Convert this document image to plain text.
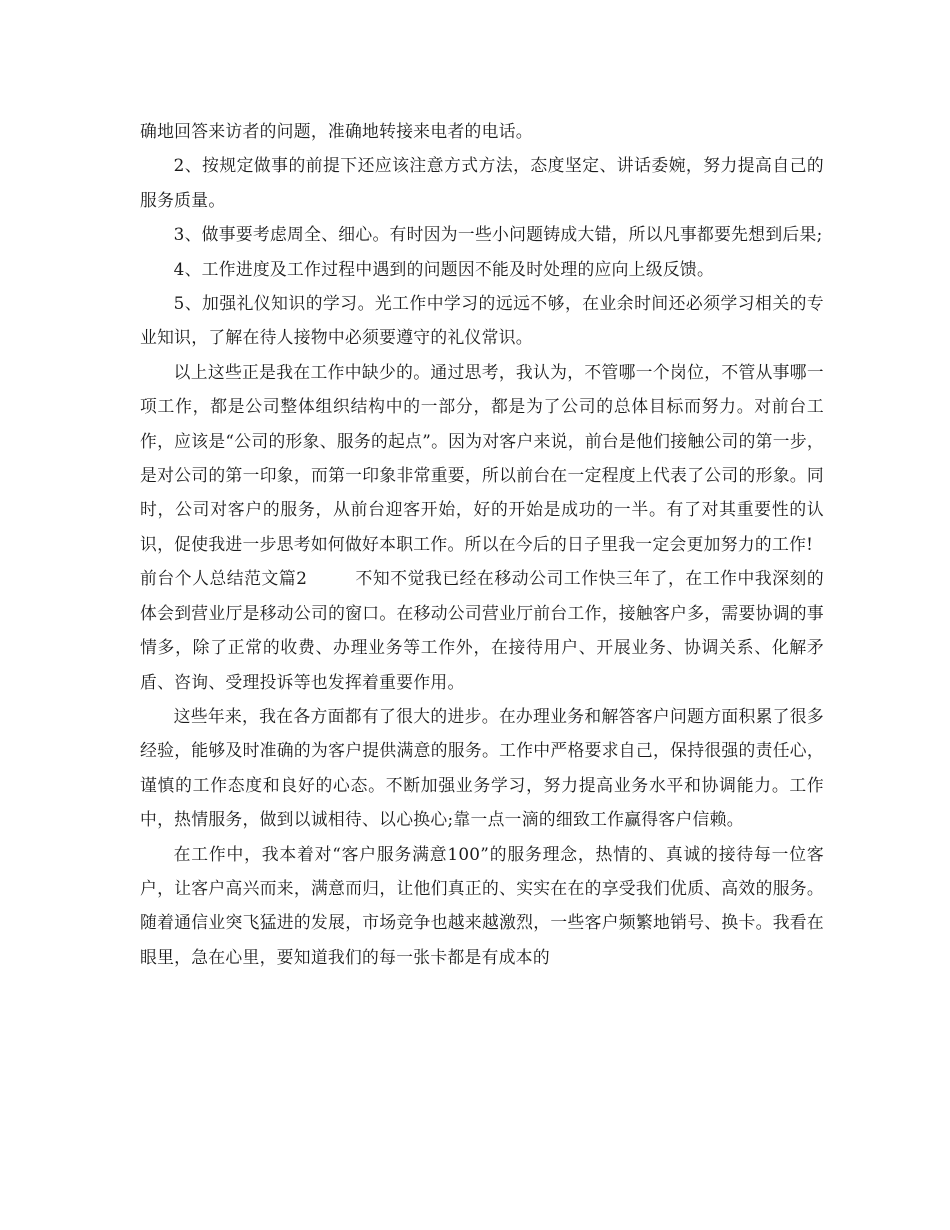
确地回答来访者的问题，准确地转接来电者的电话。

2、按规定做事的前提下还应该注意方式方法，态度坚定、讲话委婉，努力提高自己的服务质量。

3、做事要考虑周全、细心。有时因为一些小问题铸成大错，所以凡事都要先想到后果;

4、工作进度及工作过程中遇到的问题因不能及时处理的应向上级反馈。

5、加强礼仪知识的学习。光工作中学习的远远不够，在业余时间还必须学习相关的专业知识，了解在待人接物中必须要遵守的礼仪常识。

以上这些正是我在工作中缺少的。通过思考，我认为，不管哪一个岗位，不管从事哪一项工作，都是公司整体组织结构中的一部分，都是为了公司的总体目标而努力。对前台工作，应该是“公司的形象、服务的起点”。因为对客户来说，前台是他们接触公司的第一步，是对公司的第一印象，而第一印象非常重要，所以前台在一定程度上代表了公司的形象。同时，公司对客户的服务，从前台迎客开始，好的开始是成功的一半。有了对其重要性的认识，促使我进一步思考如何做好本职工作。所以在今后的日子里我一定会更加努力的工作!

前台个人总结范文篇2	不知不觉我已经在移动公司工作快三年了，在工作中我深刻的体会到营业厅是移动公司的窗口。在移动公司营业厅前台工作，接触客户多，需要协调的事情多，除了正常的收费、办理业务等工作外，在接待用户、开展业务、协调关系、化解矛盾、咨询、受理投诉等也发挥着重要作用。

这些年来，我在各方面都有了很大的进步。在办理业务和解答客户问题方面积累了很多经验，能够及时准确的为客户提供满意的服务。工作中严格要求自己，保持很强的责任心，谨慎的工作态度和良好的心态。不断加强业务学习，努力提高业务水平和协调能力。工作中，热情服务，做到以诚相待、以心换心;靠一点一滴的细致工作赢得客户信赖。

在工作中，我本着对“客户服务满意100”的服务理念，热情的、真诚的接待每一位客户，让客户高兴而来，满意而归，让他们真正的、实实在在的享受我们优质、高效的服务。随着通信业突飞猛进的发展，市场竞争也越来越激烈，一些客户频繁地销号、换卡。我看在眼里，急在心里，要知道我们的每一张卡都是有成本的
